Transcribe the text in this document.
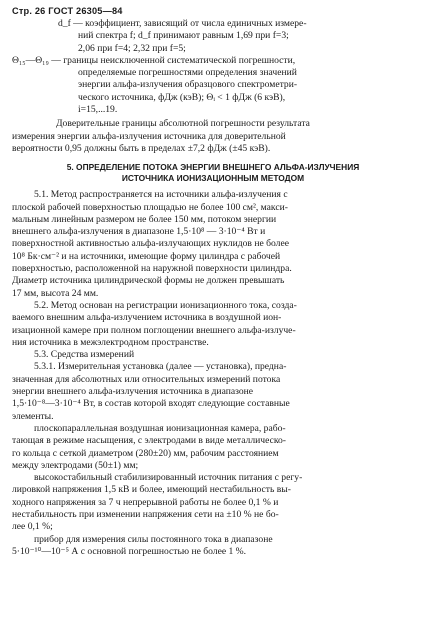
Стр. 26 ГОСТ 26305—84
d_f — коэффициент, зависящий от числа единичных измере-
ний спектра f; d_f принимают равным 1,69 при f=3;
2,06 при f=4; 2,32 при f=5;
Θ₁₅—Θ₁₉ — границы неисключенной систематической погрешности,
определяемые погрешностями определения значений
энергии альфа-излучения образцового спектрометри-
ческого источника, фДж (кэВ); Θᵢ < 1 фДж (6 кэВ),
i=15,...19.
Доверительные границы абсолютной погрешности результата
измерения энергии альфа-излучения источника для доверительной
вероятности 0,95 должны быть в пределах ±7,2 фДж (±45 кэВ).
5. ОПРЕДЕЛЕНИЕ ПОТОКА ЭНЕРГИИ ВНЕШНЕГО АЛЬФА-ИЗЛУЧЕНИЯ
ИСТОЧНИКА ИОНИЗАЦИОННЫМ МЕТОДОМ
5.1. Метод распространяется на источники альфа-излучения с
плоской рабочей поверхностью площадью не более 100 см², макси-
мальным линейным размером не более 150 мм, потоком энергии
внешнего альфа-излучения в диапазоне 1,5·10⁸ — 3·10⁻⁴ Вт и
поверхностной активностью альфа-излучающих нуклидов не более
10⁸ Бк·см⁻² и на источники, имеющие форму цилиндра с рабочей
поверхностью, расположенной на наружной поверхности цилиндра.
Диаметр источника цилиндрической формы не должен превышать
17 мм, высота 24 мм.
5.2. Метод основан на регистрации ионизационного тока, созда-
ваемого внешним альфа-излучением источника в воздушной ион-
изационной камере при полном поглощении внешнего альфа-излуче-
ния источника в межэлектродном пространстве.
5.3. Средства измерений
5.3.1. Измерительная установка (далее — установка), предна-
значенная для абсолютных или относительных измерений потока
энергии внешнего альфа-излучения источника в диапазоне
1,5·10⁻⁸—3·10⁻⁴ Вт, в состав которой входят следующие составные
элементы.
плоскопараллельная воздушная ионизационная камера, рабо-
тающая в режиме насыщения, с электродами в виде металлическо-
го кольца с сеткой диаметром (280±20) мм, рабочим расстоянием
между электродами (50±1) мм;
высокостабильный стабилизированный источник питания с регу-
лировкой напряжения 1,5 кВ и более, имеющий нестабильность вы-
ходного напряжения за 7 ч непрерывной работы не более 0,1 % и
нестабильность при изменении напряжения сети на ±10 % не бо-
лее 0,1 %;
прибор для измерения силы постоянного тока в диапазоне
5·10⁻¹⁰—10⁻⁵ А с основной погрешностью не более 1 %.
